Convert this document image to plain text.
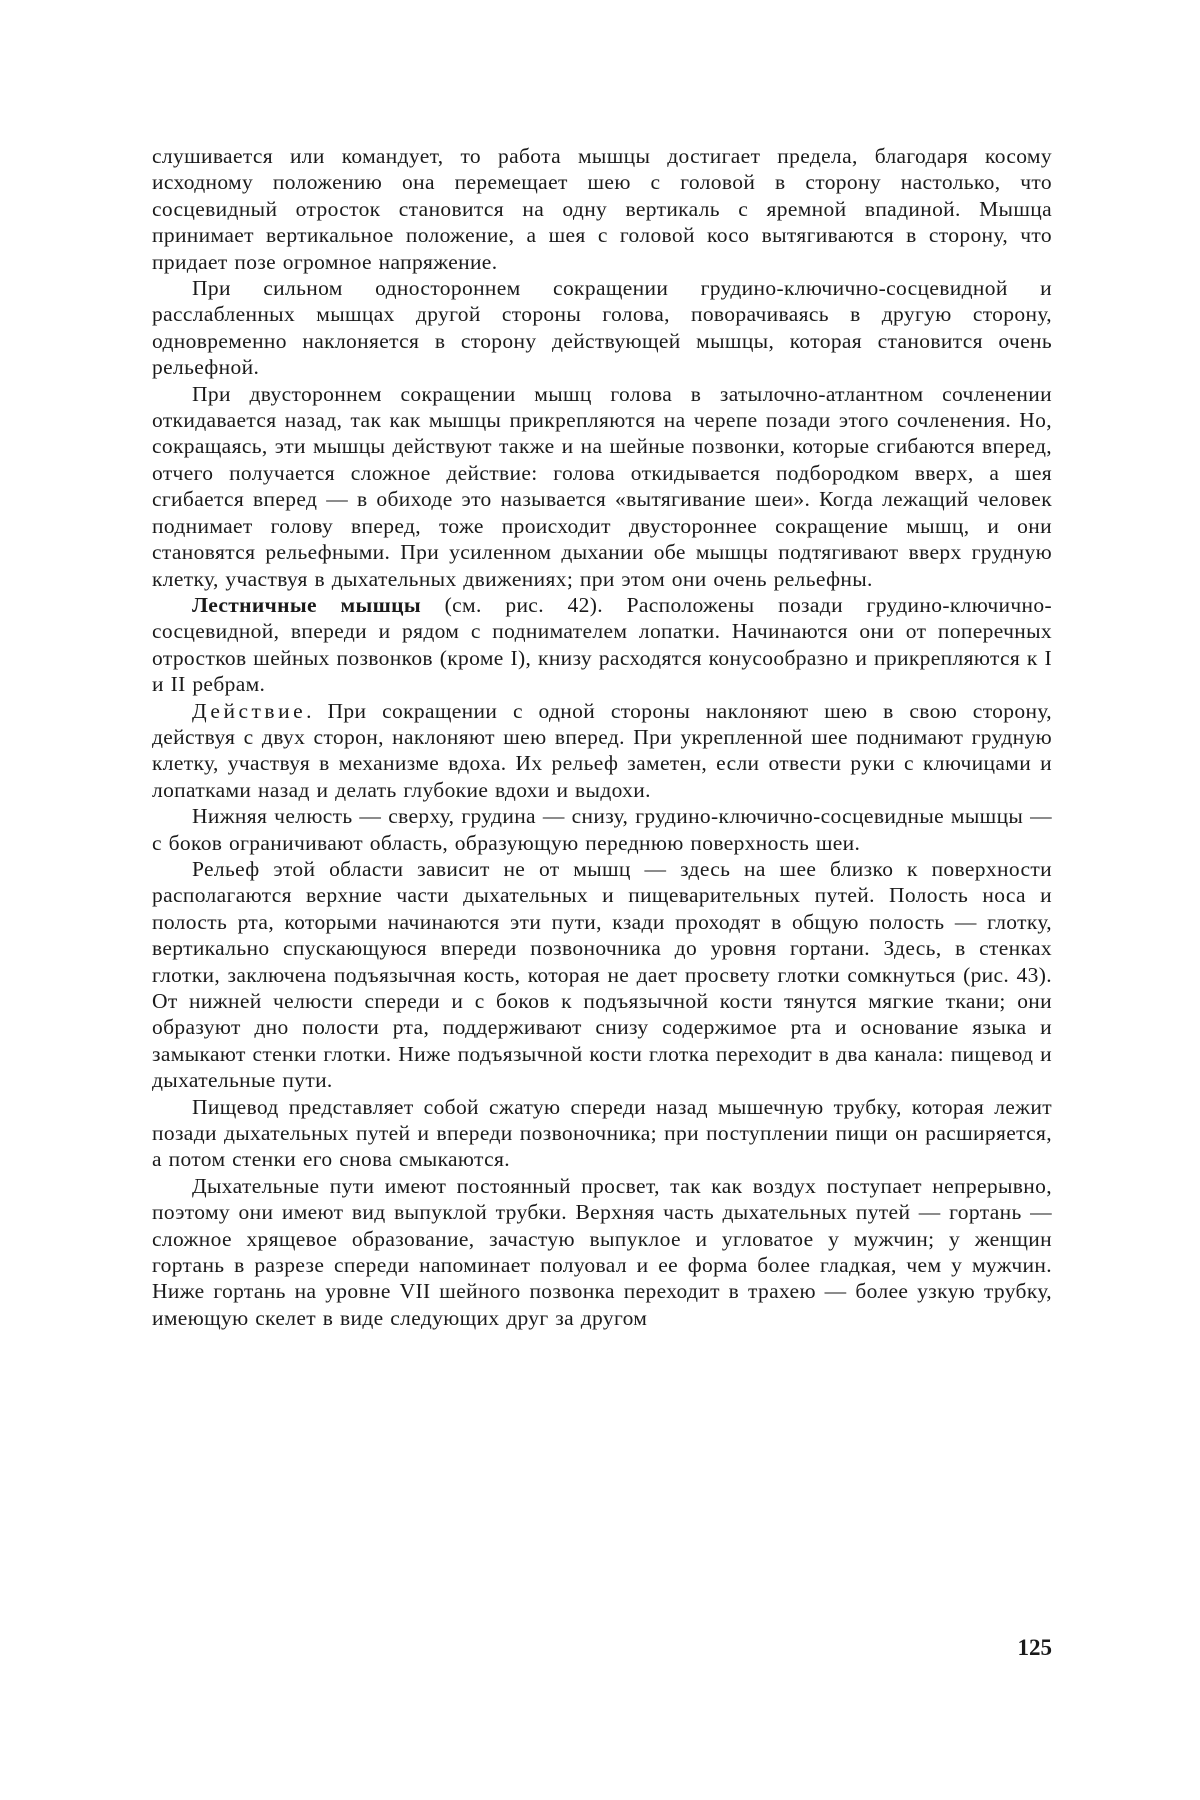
слушивается или командует, то работа мышцы достигает предела, благодаря косому исходному положению она перемещает шею с головой в сторону настолько, что сосцевидный отросток становится на одну вертикаль с яремной впадиной. Мышца принимает вертикальное положение, а шея с головой косо вытягиваются в сторону, что придает позе огромное напряжение.

При сильном одностороннем сокращении грудино-ключично-сосцевидной и расслабленных мышцах другой стороны голова, поворачиваясь в другую сторону, одновременно наклоняется в сторону действующей мышцы, которая становится очень рельефной.

При двустороннем сокращении мышц голова в затылочно-атлантном сочленении откидавается назад, так как мышцы прикрепляются на черепе позади этого сочленения. Но, сокращаясь, эти мышцы действуют также и на шейные позвонки, которые сгибаются вперед, отчего получается сложное действие: голова откидывается подбородком вверх, а шея сгибается вперед — в обиходе это называется «вытягивание шеи». Когда лежащий человек поднимает голову вперед, тоже происходит двустороннее сокращение мышц, и они становятся рельефными. При усиленном дыхании обе мышцы подтягивают вверх грудную клетку, участвуя в дыхательных движениях; при этом они очень рельефны.

Лестничные мышцы (см. рис. 42). Расположены позади грудино-ключично-сосцевидной, впереди и рядом с поднимателем лопатки. Начинаются они от поперечных отростков шейных позвонков (кроме I), книзу расходятся конусообразно и прикрепляются к I и II ребрам.

Действие. При сокращении с одной стороны наклоняют шею в свою сторону, действуя с двух сторон, наклоняют шею вперед. При укрепленной шее поднимают грудную клетку, участвуя в механизме вдоха. Их рельеф заметен, если отвести руки с ключицами и лопатками назад и делать глубокие вдохи и выдохи.

Нижняя челюсть — сверху, грудина — снизу, грудино-ключично-сосцевидные мышцы — с боков ограничивают область, образующую переднюю поверхность шеи.

Рельеф этой области зависит не от мышц — здесь на шее близко к поверхности располагаются верхние части дыхательных и пищеварительных путей. Полость носа и полость рта, которыми начинаются эти пути, кзади проходят в общую полость — глотку, вертикально спускающуюся впереди позвоночника до уровня гортани. Здесь, в стенках глотки, заключена подъязычная кость, которая не дает просвету глотки сомкнуться (рис. 43). От нижней челюсти спереди и с боков к подъязычной кости тянутся мягкие ткани; они образуют дно полости рта, поддерживают снизу содержимое рта и основание языка и замыкают стенки глотки. Ниже подъязычной кости глотка переходит в два канала: пищевод и дыхательные пути.

Пищевод представляет собой сжатую спереди назад мышечную трубку, которая лежит позади дыхательных путей и впереди позвоночника; при поступлении пищи он расширяется, а потом стенки его снова смыкаются.

Дыхательные пути имеют постоянный просвет, так как воздух поступает непрерывно, поэтому они имеют вид выпуклой трубки. Верхняя часть дыхательных путей — гортань — сложное хрящевое образование, зачастую выпуклое и угловатое у мужчин; у женщин гортань в разрезе спереди напоминает полуовал и ее форма более гладкая, чем у мужчин. Ниже гортань на уровне VII шейного позвонка переходит в трахею — более узкую трубку, имеющую скелет в виде следующих друг за другом

125
